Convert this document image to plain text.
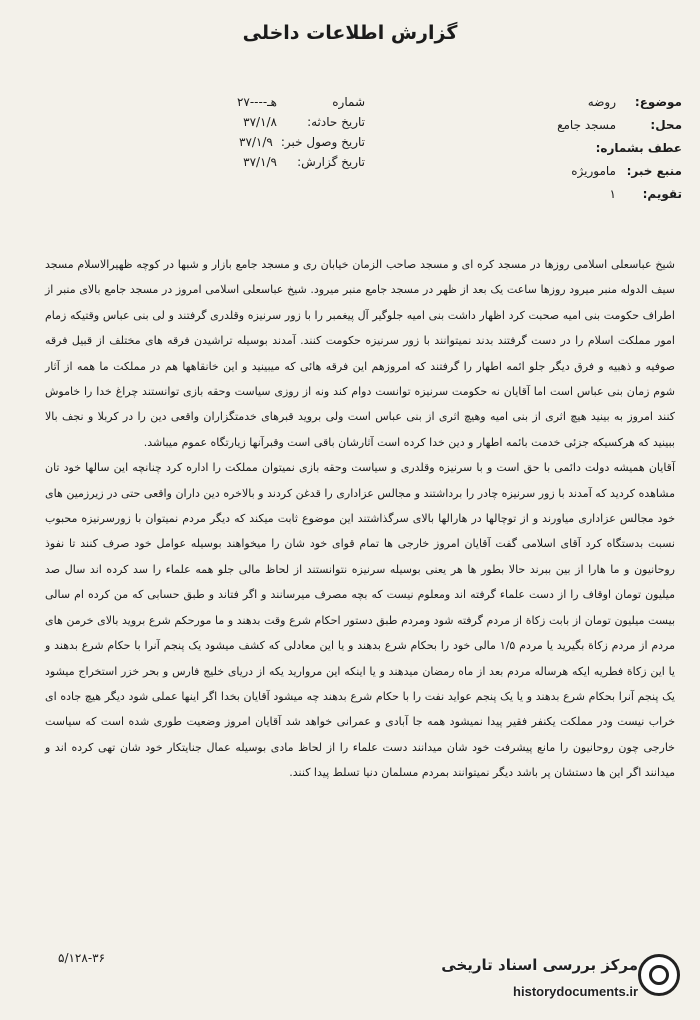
گزارش اطلاعات داخلی
موضوع:
روضه
محل:
مسجد جامع
عطف بشماره:
منبع خبر:
ماموریژه
تقویم:
۱
شماره
۲۷----هـ
تاریخ حادثه:
۳۷/۱/۸
تاریخ وصول خبر:
۳۷/۱/۹
تاریخ گزارش:
۳۷/۱/۹

شیخ عباسعلی اسلامی روزها در مسجد کره ای و مسجد صاحب الزمان خیابان ری و مسجد جامع بازار و شبها در کوچه ظهیرالاسلام مسجد سیف الدوله منبر میرود روزها ساعت یک بعد از ظهر در مسجد جامع منبر میرود. شیخ عباسعلی اسلامی امروز در مسجد جامع بالای منبر از اطراف حکومت بنی امیه صحبت کرد اظهار داشت بنی امیه جلوگیر آل پیغمبر را با زور سرنیزه وقلدری گرفتند و لی بنی عباس وقتیکه زمام امور مملکت اسلام را در دست گرفتند بدند نمیتوانند با زور سرنیزه حکومت کنند. آمدند بوسیله تراشیدن فرقه های مختلف از قبیل فرقه صوفیه و ذهبیه و فرق دیگر جلو ائمه اطهار را گرفتند که امروزهم این فرقه هائی که میبینید و این خانقاهها هم در مملکت ما همه از آثار شوم زمان بنی عباس است اما آقایان نه حکومت سرنیزه توانست دوام کند ونه از روزی سیاست وحقه بازی توانستند چراغ خدا را خاموش کنند امروز به بینید هیچ اثری از بنی امیه وهیچ اثری از بنی عباس است ولی بروید قبرهای خدمتگزاران واقعی دین را در کربلا و نجف بالا ببینید که هرکسیکه جزئی خدمت بائمه اطهار و دین خدا کرده است آثارشان باقی است وقبرآنها زیارتگاه عموم میباشد.

آقایان همیشه دولت دائمی با حق است و با سرنیزه وقلدری و سیاست وحقه بازی نمیتوان مملکت را اداره کرد چنانچه این سالها خود تان مشاهده کردید که آمدند با زور سرنیزه چادر را برداشتند و مجالس عزاداری را قدغن کردند و بالاخره دین داران واقعی حتی در زیرزمین های خود مجالس عزاداری میاورند و از توچالها در هارالها بالای سرگذاشتند این موضوع ثابت میکند که دیگر مردم نمیتوان با زورسرنیزه محبوب نسبت بدستگاه کرد آقای اسلامی گفت آقایان امروز خارجی ها تمام قوای خود شان را میخواهند بوسیله عوامل خود صرف کنند تا نفوذ روحانیون و ما هارا از بین ببرند حالا بطور ها هر یعنی بوسیله سرنیزه نتوانستند از لحاظ مالی جلو همه علماء را سد کرده اند سال صد میلیون تومان اوقاف را از دست علماء گرفته اند ومعلوم نیست که بچه مصرف میرسانند و اگر فتاند و طبق حسابی که من کرده ام سالی بیست میلیون تومان از بابت زکاة از مردم گرفته شود ومردم طبق دستور احکام شرع وقت بدهند و ما مورحکم شرع بروید بالای خرمن های مردم از مردم زکاة بگیرید یا مردم ۱/۵ مالی خود را بحکام شرع بدهند و یا این معادلی که کشف میشود یک پنجم آنرا با حکام شرع بدهند و یا این زکاة فطریه ایکه هرساله مردم بعد از ماه رمضان میدهند و یا اینکه این مروارید یکه از دریای خلیج فارس و بحر خزر استخراج میشود یک پنجم آنرا بحکام شرع بدهند و یا یک پنجم عواید نفت را با حکام شرع بدهند چه میشود آقایان بخدا اگر اینها عملی شود دیگر هیچ جاده ای خراب نیست ودر مملکت یکنفر فقیر پیدا نمیشود همه جا آبادی و عمرانی خواهد شد آقایان امروز وضعیت طوری شده است که سیاست خارجی چون روحانیون را مانع پیشرفت خود شان میدانند دست علماء را از لحاظ مادی بوسیله عمال جنایتکار خود شان تهی کرده اند و میدانند اگر این ها دستشان پر باشد دیگر نمیتوانند بمردم مسلمان دنیا تسلط پیدا کنند.

۵/۱۲۸-۳۶	مرکز بررسی اسناد تاریخی
historydocuments.ir
